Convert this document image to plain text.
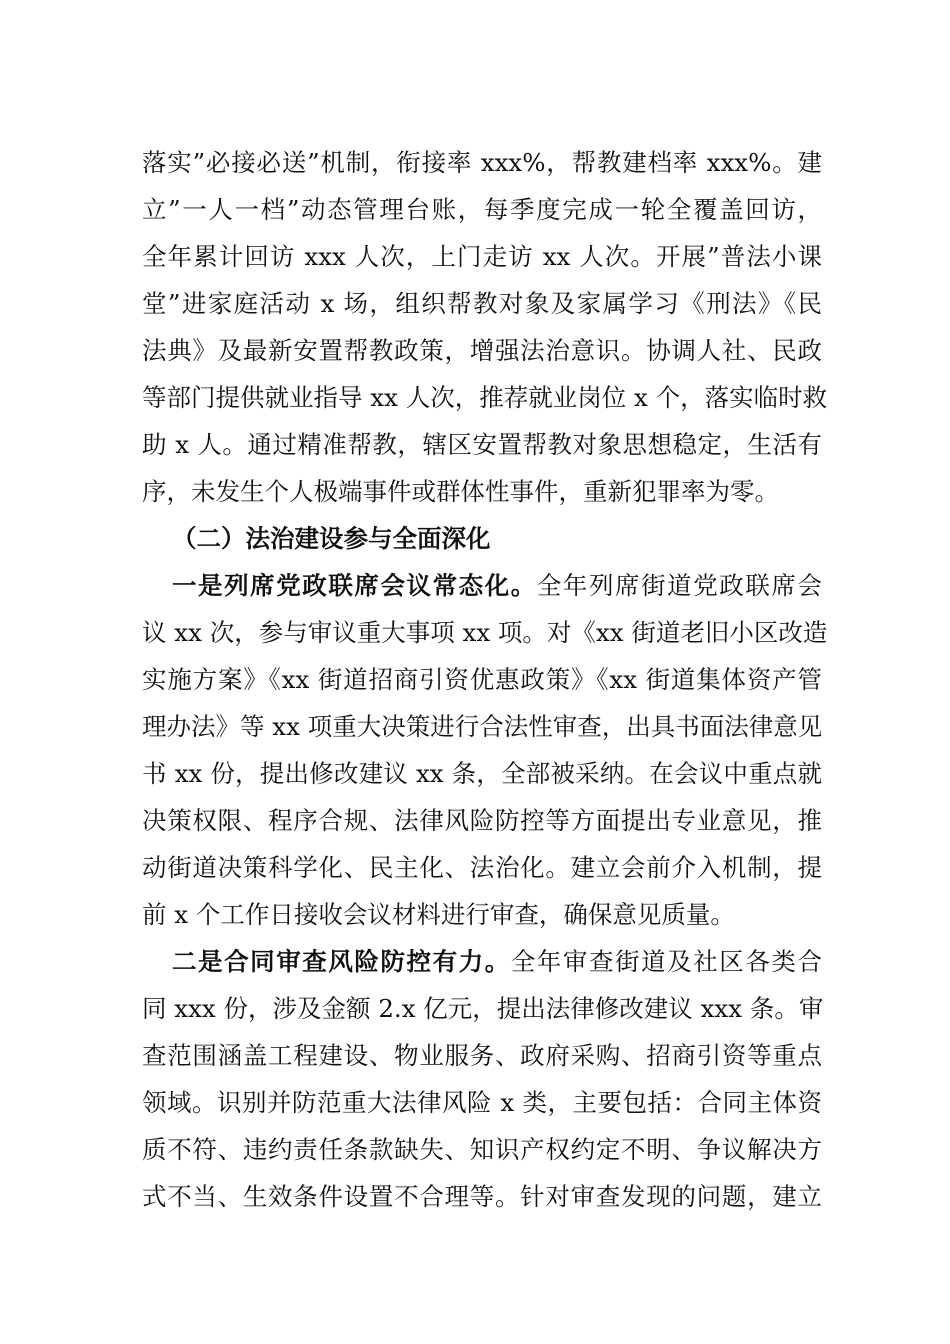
落实”必接必送”机制，衔接率 xxx%，帮教建档率 xxx%。建
立”一人一档”动态管理台账，每季度完成一轮全覆盖回访，
全年累计回访 xxx 人次，上门走访 xx 人次。开展”普法小课
堂”进家庭活动 x 场，组织帮教对象及家属学习《刑法》《民
法典》及最新安置帮教政策，增强法治意识。协调人社、民政
等部门提供就业指导 xx 人次，推荐就业岗位 x 个，落实临时救
助 x 人。通过精准帮教，辖区安置帮教对象思想稳定，生活有
序，未发生个人极端事件或群体性事件，重新犯罪率为零。
（二）法治建设参与全面深化
一是列席党政联席会议常态化。全年列席街道党政联席会
议 xx 次，参与审议重大事项 xx 项。对《xx 街道老旧小区改造
实施方案》《xx 街道招商引资优惠政策》《xx 街道集体资产管
理办法》等 xx 项重大决策进行合法性审查，出具书面法律意见
书 xx 份，提出修改建议 xx 条，全部被采纳。在会议中重点就
决策权限、程序合规、法律风险防控等方面提出专业意见，推
动街道决策科学化、民主化、法治化。建立会前介入机制，提
前 x 个工作日接收会议材料进行审查，确保意见质量。
二是合同审查风险防控有力。全年审查街道及社区各类合
同 xxx 份，涉及金额 2.x 亿元，提出法律修改建议 xxx 条。审
查范围涵盖工程建设、物业服务、政府采购、招商引资等重点
领域。识别并防范重大法律风险 x 类，主要包括：合同主体资
质不符、违约责任条款缺失、知识产权约定不明、争议解决方
式不当、生效条件设置不合理等。针对审查发现的问题，建立
